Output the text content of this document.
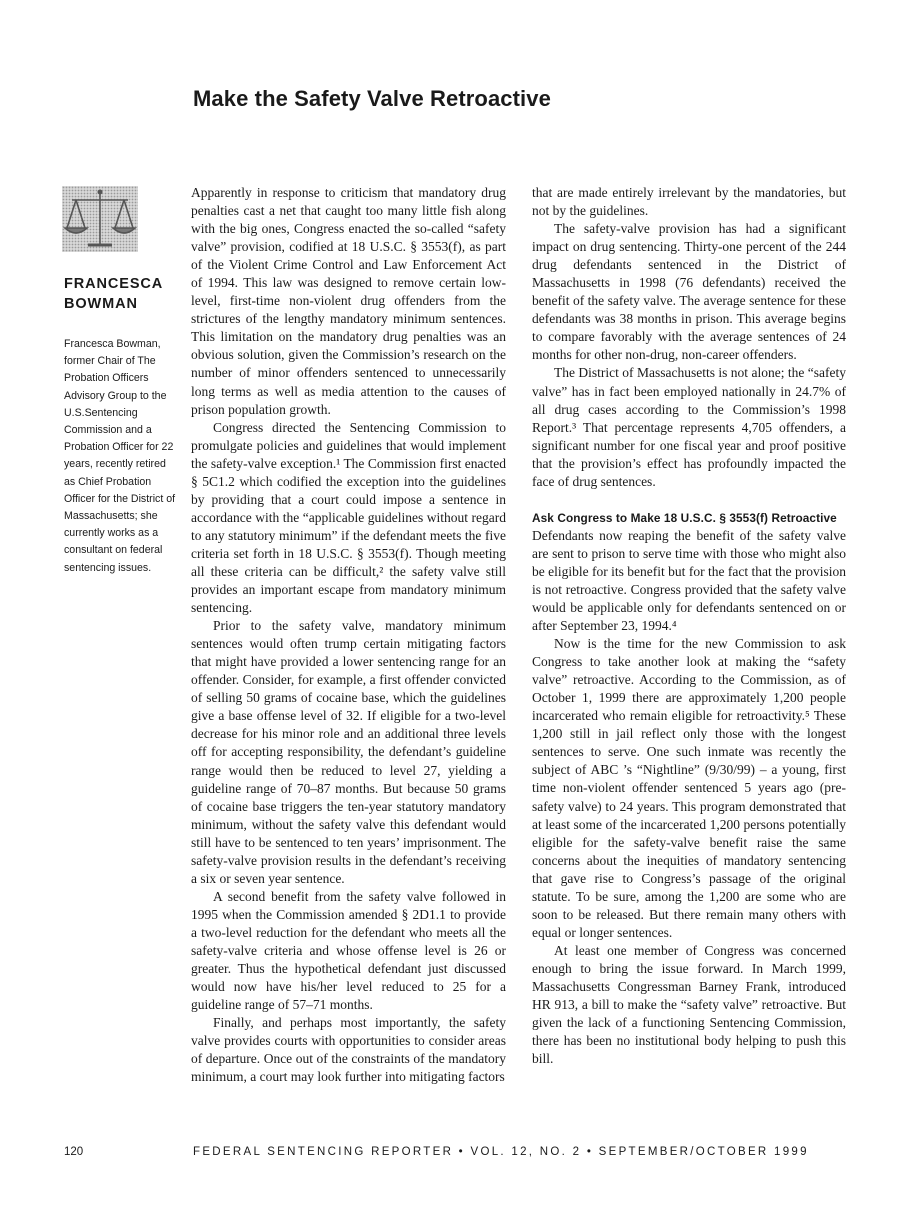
Make the Safety Valve Retroactive
FRANCESCA
BOWMAN
Francesca Bowman, former Chair of The Probation Officers Advisory Group to the U.S.Sentencing Commission and a Probation Officer for 22 years, recently retired as Chief Probation Officer for the District of Massachusetts; she currently works as a consultant on federal sentencing issues.

Apparently in response to criticism that mandatory drug penalties cast a net that caught too many little fish along with the big ones, Congress enacted the so-called “safety valve” provision, codified at 18 U.S.C. § 3553(f), as part of the Violent Crime Control and Law Enforcement Act of 1994. This law was designed to remove certain low-level, first-time non-violent drug offenders from the strictures of the lengthy mandatory minimum sentences. This limitation on the mandatory drug penalties was an obvious solution, given the Commission’s research on the number of minor offenders sentenced to unnecessarily long terms as well as media attention to the causes of prison population growth.

Congress directed the Sentencing Commission to promulgate policies and guidelines that would implement the safety-valve exception.¹ The Commission first enacted § 5C1.2 which codified the exception into the guidelines by providing that a court could impose a sentence in accordance with the “applicable guidelines without regard to any statutory minimum” if the defendant meets the five criteria set forth in 18 U.S.C. § 3553(f). Though meeting all these criteria can be difficult,² the safety valve still provides an important escape from mandatory minimum sentencing.

Prior to the safety valve, mandatory minimum sentences would often trump certain mitigating factors that might have provided a lower sentencing range for an offender. Consider, for example, a first offender convicted of selling 50 grams of cocaine base, which the guidelines give a base offense level of 32. If eligible for a two-level decrease for his minor role and an additional three levels off for accepting responsibility, the defendant’s guideline range would then be reduced to level 27, yielding a guideline range of 70–87 months. But because 50 grams of cocaine base triggers the ten-year statutory mandatory minimum, without the safety valve this defendant would still have to be sentenced to ten years’ imprisonment. The safety-valve provision results in the defendant’s receiving a six or seven year sentence.

A second benefit from the safety valve followed in 1995 when the Commission amended § 2D1.1 to provide a two-level reduction for the defendant who meets all the safety-valve criteria and whose offense level is 26 or greater. Thus the hypothetical defendant just discussed would now have his/her level reduced to 25 for a guideline range of 57–71 months.

Finally, and perhaps most importantly, the safety valve provides courts with opportunities to consider areas of departure. Once out of the constraints of the mandatory minimum, a court may look further into mitigating factors

that are made entirely irrelevant by the mandatories, but not by the guidelines.

The safety-valve provision has had a significant impact on drug sentencing. Thirty-one percent of the 244 drug defendants sentenced in the District of Massachusetts in 1998 (76 defendants) received the benefit of the safety valve. The average sentence for these defendants was 38 months in prison. This average begins to compare favorably with the average sentences of 24 months for other non-drug, non-career offenders.

The District of Massachusetts is not alone; the “safety valve” has in fact been employed nationally in 24.7% of all drug cases according to the Commission’s 1998 Report.³ That percentage represents 4,705 offenders, a significant number for one fiscal year and proof positive that the provision’s effect has profoundly impacted the face of drug sentences.

Ask Congress to Make 18 U.S.C. § 3553(f) Retroactive

Defendants now reaping the benefit of the safety valve are sent to prison to serve time with those who might also be eligible for its benefit but for the fact that the provision is not retroactive. Congress provided that the safety valve would be applicable only for defendants sentenced on or after September 23, 1994.⁴

Now is the time for the new Commission to ask Congress to take another look at making the “safety valve” retroactive. According to the Commission, as of October 1, 1999 there are approximately 1,200 people incarcerated who remain eligible for retroactivity.⁵ These 1,200 still in jail reflect only those with the longest sentences to serve. One such inmate was recently the subject of ABC ’s “Nightline” (9/30/99) – a young, first time non-violent offender sentenced 5 years ago (pre-safety valve) to 24 years. This program demonstrated that at least some of the incarcerated 1,200 persons potentially eligible for the safety-valve benefit raise the same concerns about the inequities of mandatory sentencing that gave rise to Congress’s passage of the original statute. To be sure, among the 1,200 are some who are soon to be released. But there remain many others with equal or longer sentences.

At least one member of Congress was concerned enough to bring the issue forward. In March 1999, Massachusetts Congressman Barney Frank, introduced HR 913, a bill to make the “safety valve” retroactive. But given the lack of a functioning Sentencing Commission, there has been no institutional body helping to push this bill.

120	FEDERAL SENTENCING REPORTER • VOL. 12, NO. 2 • SEPTEMBER/OCTOBER 1999
